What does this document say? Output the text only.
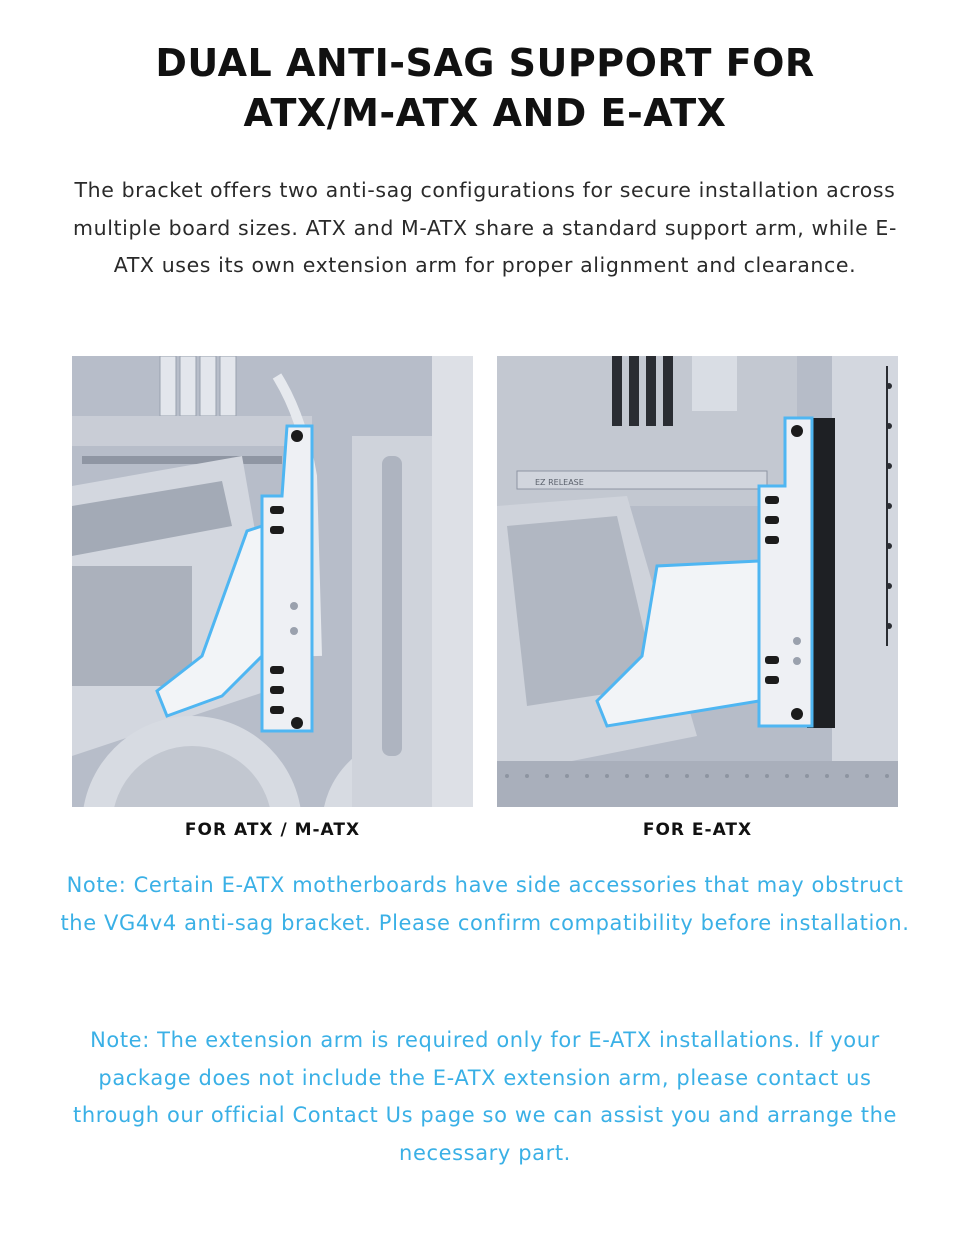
DUAL ANTI-SAG SUPPORT FOR
ATX/M-ATX AND E-ATX
The bracket offers two anti-sag configurations for secure installation across multiple board sizes. ATX and M-ATX share a standard support arm, while E-ATX uses its own extension arm for proper alignment and clearance.
EZ RELEASE
FOR ATX / M-ATX	FOR E-ATX
Note: Certain E-ATX motherboards have side accessories that may obstruct the VG4v4 anti-sag bracket. Please confirm compatibility before installation.
Note: The extension arm is required only for E-ATX installations. If your package does not include the E-ATX extension arm, please contact us through our official Contact Us page so we can assist you and arrange the necessary part.
